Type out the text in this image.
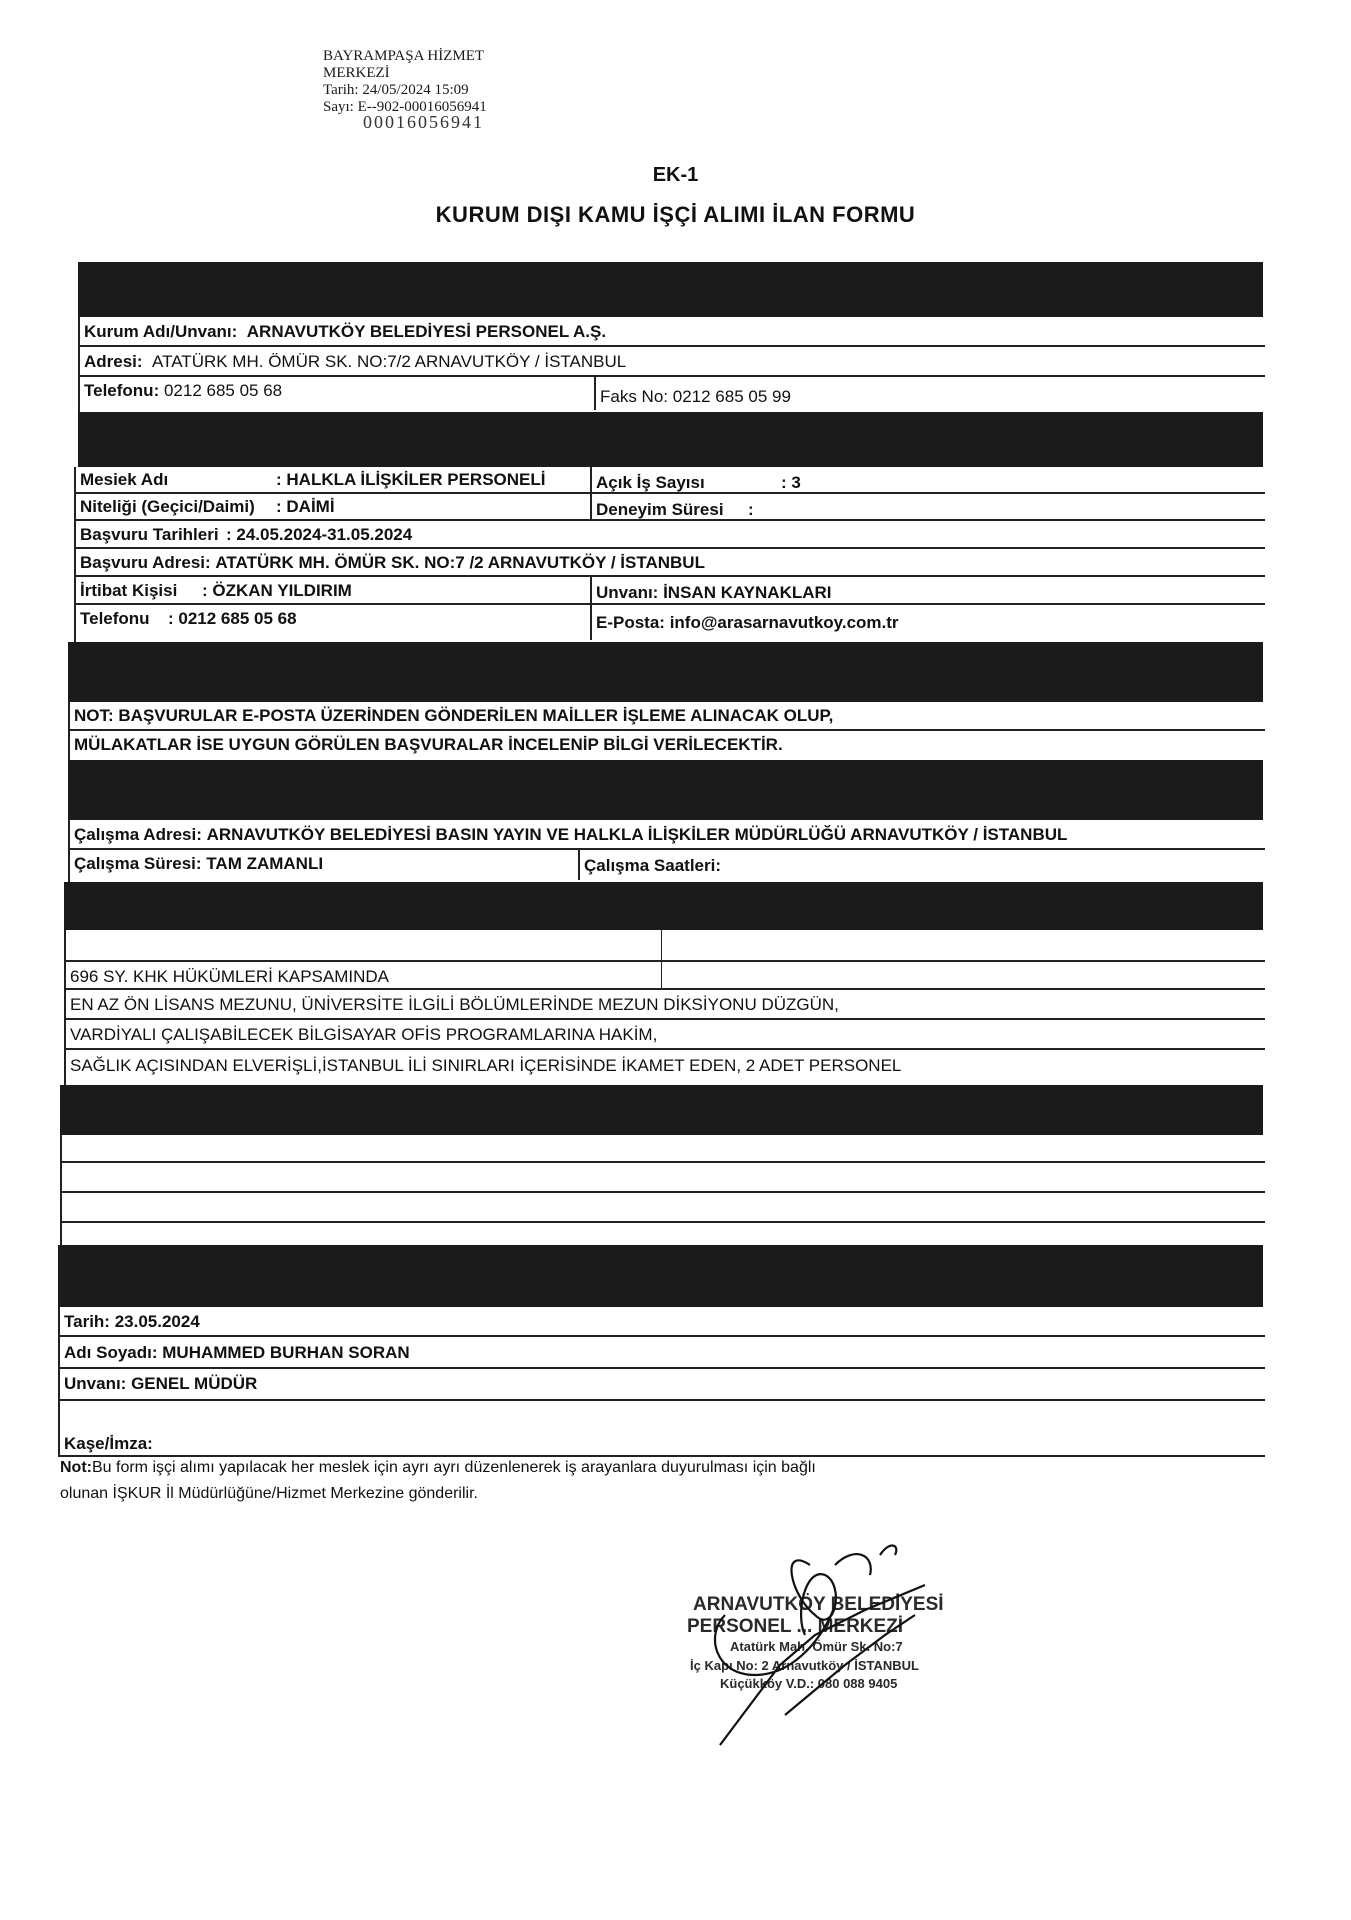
BAYRAMPAŞA HİZMET
MERKEZİ
Tarih: 24/05/2024 15:09
Sayı: E--902-00016056941
00016056941
EK-1
KURUM DIŞI KAMU İŞÇİ ALIMI İLAN FORMU
Kurum Adı/Unvanı: ARNAVUTKÖY BELEDİYESİ PERSONEL A.Ş.
Adresi: ATATÜRK MH. ÖMÜR SK. NO:7/2 ARNAVUTKÖY / İSTANBUL
Telefonu: 0212 685 05 68	Faks No: 0212 685 05 99
Mesiek Adı	: HALKLA İLİŞKİLER PERSONELİ	Açık İş Sayısı	: 3
Niteliği (Geçici/Daimi) : DAİMİ	Deneyim Süresi :
Başvuru Tarihleri : 24.05.2024-31.05.2024
Başvuru Adresi: ATATÜRK MH. ÖMÜR SK. NO:7 /2 ARNAVUTKÖY / İSTANBUL
İrtibat Kişisi : ÖZKAN YILDIRIM	Unvanı: İNSAN KAYNAKLARI
Telefonu : 0212 685 05 68	E-Posta: info@arasarnavutkoy.com.tr
NOT: BAŞVURULAR E-POSTA ÜZERİNDEN GÖNDERİLEN MAİLLER İŞLEME ALINACAK OLUP,
MÜLAKATLAR İSE UYGUN GÖRÜLEN BAŞVURALAR İNCELENİP BİLGİ VERİLECEKTİR.
Çalışma Adresi: ARNAVUTKÖY BELEDİYESİ BASIN YAYIN VE HALKLA İLİŞKİLER MÜDÜRLÜĞÜ ARNAVUTKÖY / İSTANBUL
Çalışma Süresi: TAM ZAMANLI	Çalışma Saatleri:
696 SY. KHK HÜKÜMLERİ KAPSAMINDA
EN AZ ÖN LİSANS MEZUNU, ÜNİVERSİTE İLGİLİ BÖLÜMLERİNDE MEZUN DİKSİYONU DÜZGÜN,
VARDİYALI ÇALIŞABİLECEK BİLGİSAYAR OFİS PROGRAMLARINA HAKİM,
SAĞLIK AÇISINDAN ELVERİŞLİ,İSTANBUL İLİ SINIRLARI İÇERİSİNDE İKAMET EDEN, 2 ADET PERSONEL
Tarih: 23.05.2024
Adı Soyadı: MUHAMMED BURHAN SORAN
Unvanı: GENEL MÜDÜR
Kaşe/İmza:
Not:Bu form işçi alımı yapılacak her meslek için ayrı ayrı düzenlenerek iş arayanlara duyurulması için bağlı
olunan İŞKUR İl Müdürlüğüne/Hizmet Merkezine gönderilir.
ARNAVUTKÖY BELEDİYESİ
PERSONEL ... MERKEZİ
Atatürk Mah. Ömür Sk. No:7
İç Kapı No: 2 Arnavutköy / İSTANBUL
Küçükköy V.D.: 080 088 9405
